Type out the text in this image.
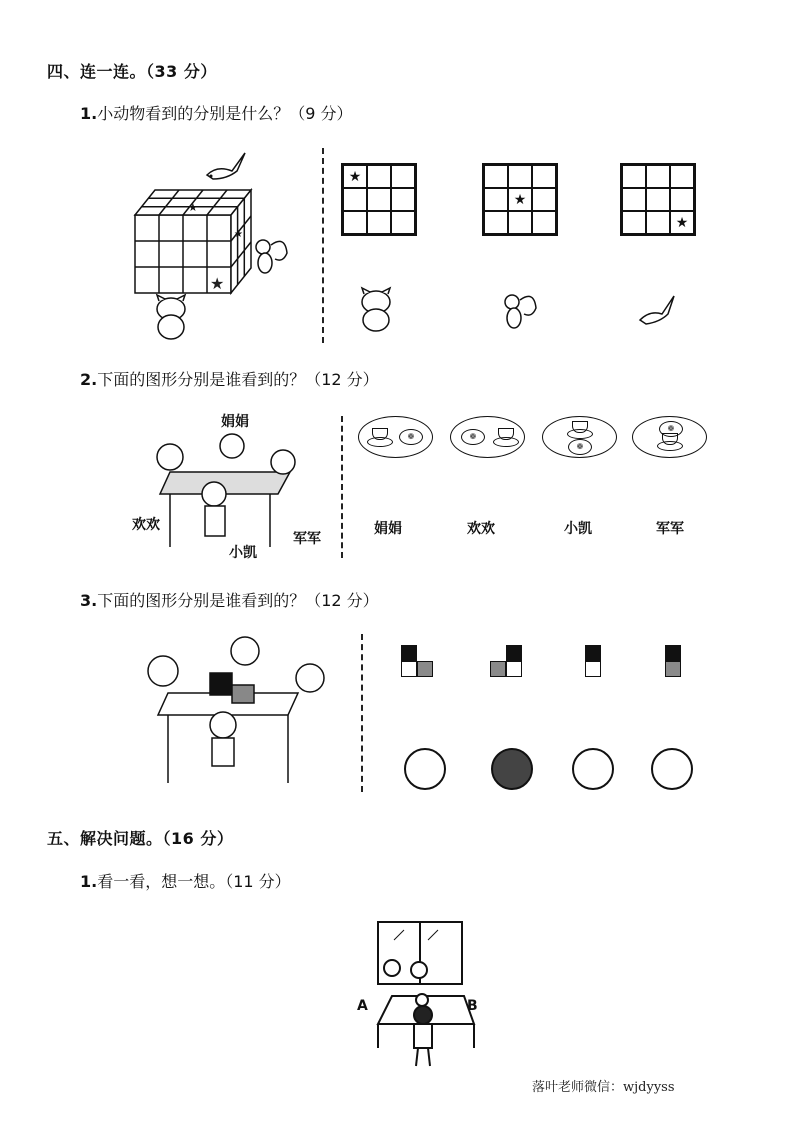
四、连一连。（33 分）
1.小动物看到的分别是什么？（9 分）
★
★
★
★
★
★
2.下面的图形分别是谁看到的？（12 分）
娟娟
欢欢
军军
小凯
❁	❁
❁
❁
娟娟	欢欢	小凯	军军
3.下面的图形分别是谁看到的？（12 分）
五、解决问题。（16 分）
1.看一看，想一想。（11 分）
A	B
落叶老师微信：wjdyyss
